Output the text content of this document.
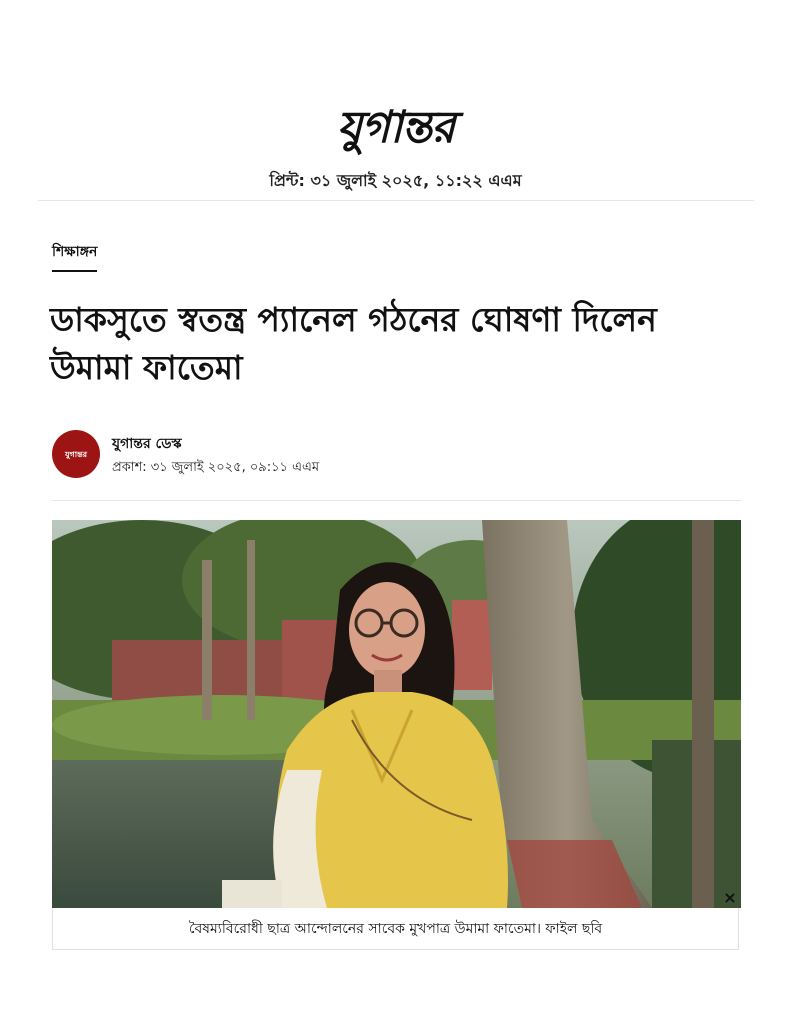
যুগান্তর
প্রিন্ট: ৩১ জুলাই ২০২৫, ১১:২২ এএম
শিক্ষাঙ্গন
ডাকসুতে স্বতন্ত্র প্যানেল গঠনের ঘোষণা দিলেন উমামা ফাতেমা
যুগান্তর
যুগান্তর ডেস্ক
প্রকাশ: ৩১ জুলাই ২০২৫, ০৯:১১ এএম
×
বৈষম্যবিরোধী ছাত্র আন্দোলনের সাবেক মুখপাত্র উমামা ফাতেমা। ফাইল ছবি
